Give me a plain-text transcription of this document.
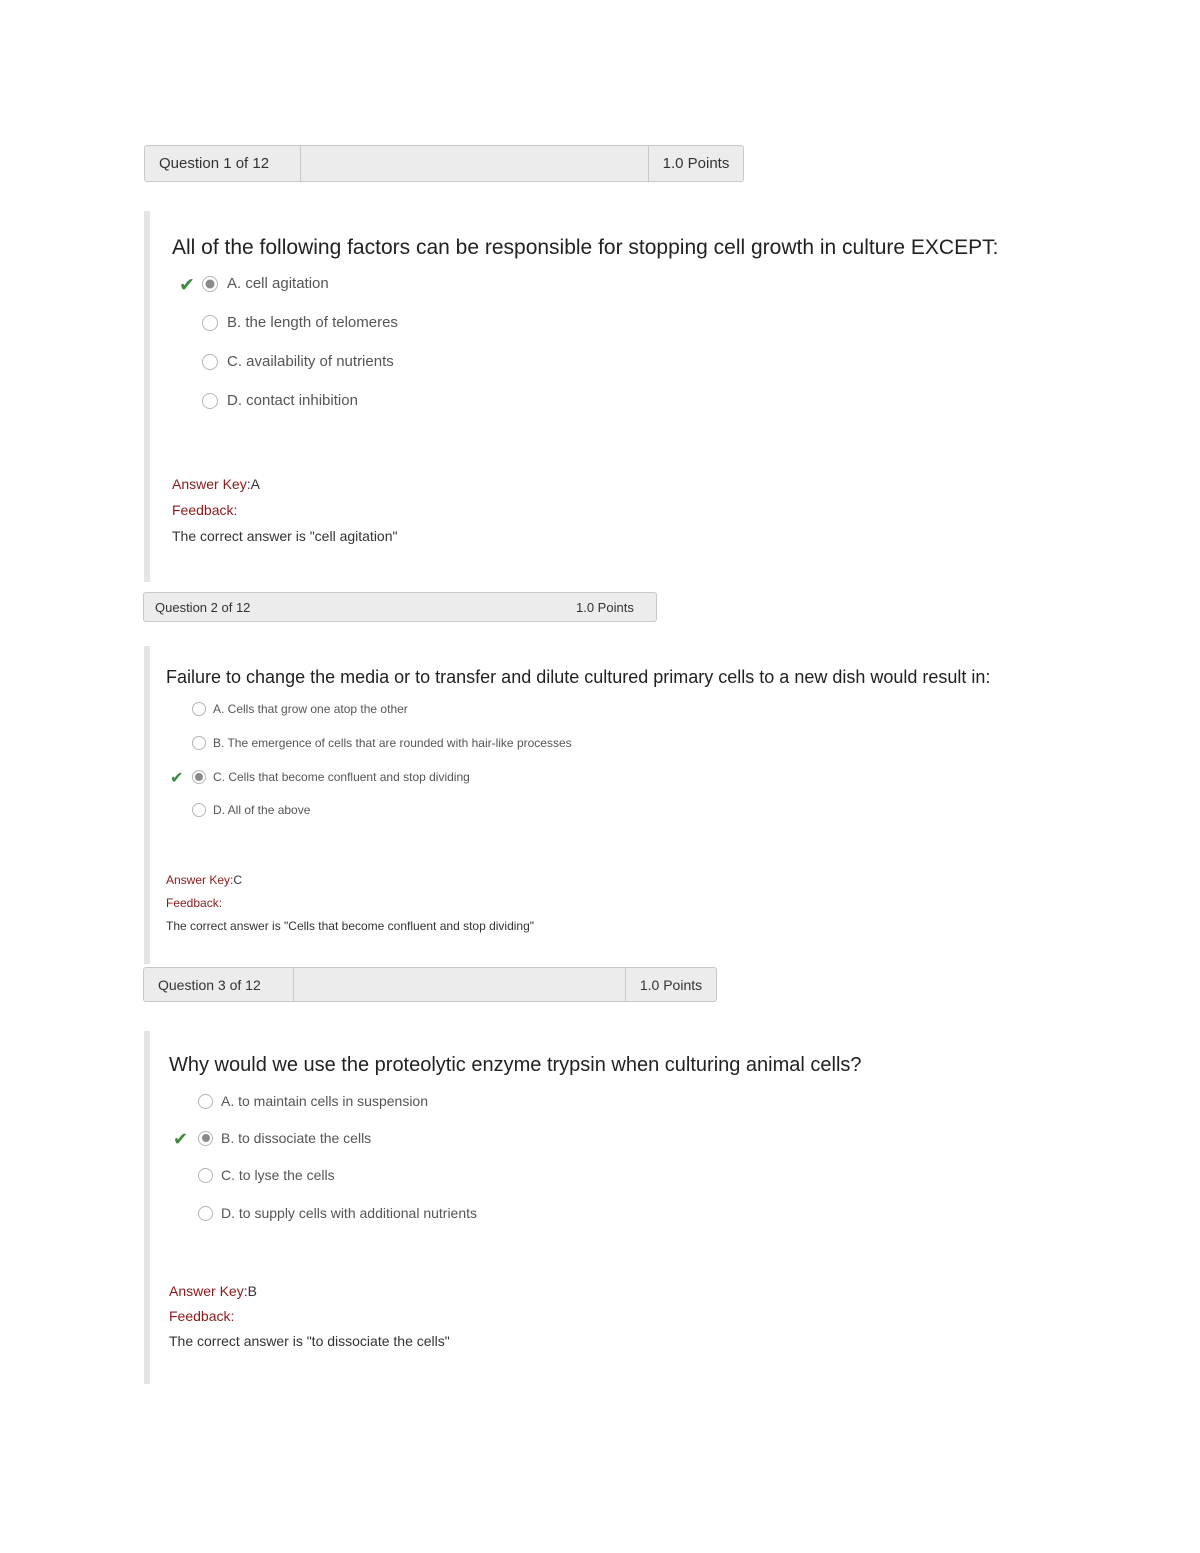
Question 1 of 12	1.0 Points
All of the following factors can be responsible for stopping cell growth in culture EXCEPT:
✔ A. cell agitation
B. the length of telomeres
C. availability of nutrients
D. contact inhibition
Answer Key:A
Feedback:
The correct answer is "cell agitation"
Question 2 of 12	1.0 Points
Failure to change the media or to transfer and dilute cultured primary cells to a new dish would result in:
A. Cells that grow one atop the other
B. The emergence of cells that are rounded with hair-like processes
✔ C. Cells that become confluent and stop dividing
D. All of the above
Answer Key:C
Feedback:
The correct answer is "Cells that become confluent and stop dividing"
Question 3 of 12	1.0 Points
Why would we use the proteolytic enzyme trypsin when culturing animal cells?
A. to maintain cells in suspension
✔ B. to dissociate the cells
C. to lyse the cells
D. to supply cells with additional nutrients
Answer Key:B
Feedback:
The correct answer is "to dissociate the cells"
